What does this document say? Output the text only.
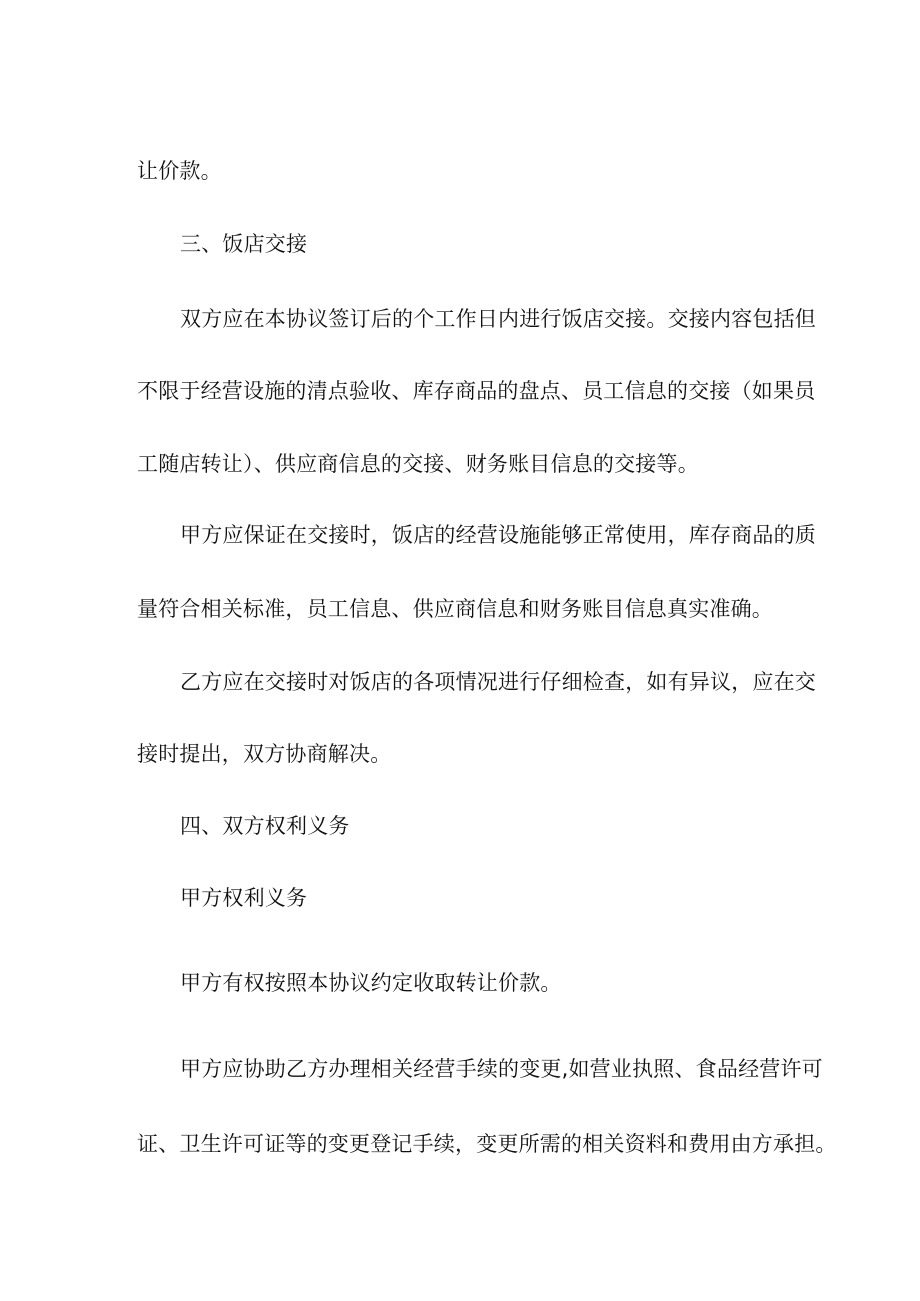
让价款。
三、饭店交接
双方应在本协议签订后的个工作日内进行饭店交接。交接内容包括但
不限于经营设施的清点验收、库存商品的盘点、员工信息的交接（如果员
工随店转让）、供应商信息的交接、财务账目信息的交接等。
甲方应保证在交接时，饭店的经营设施能够正常使用，库存商品的质
量符合相关标准，员工信息、供应商信息和财务账目信息真实准确。
乙方应在交接时对饭店的各项情况进行仔细检查，如有异议，应在交
接时提出，双方协商解决。
四、双方权利义务
甲方权利义务
甲方有权按照本协议约定收取转让价款。
甲方应协助乙方办理相关经营手续的变更,如营业执照、食品经营许可
证、卫生许可证等的变更登记手续，变更所需的相关资料和费用由方承担。
